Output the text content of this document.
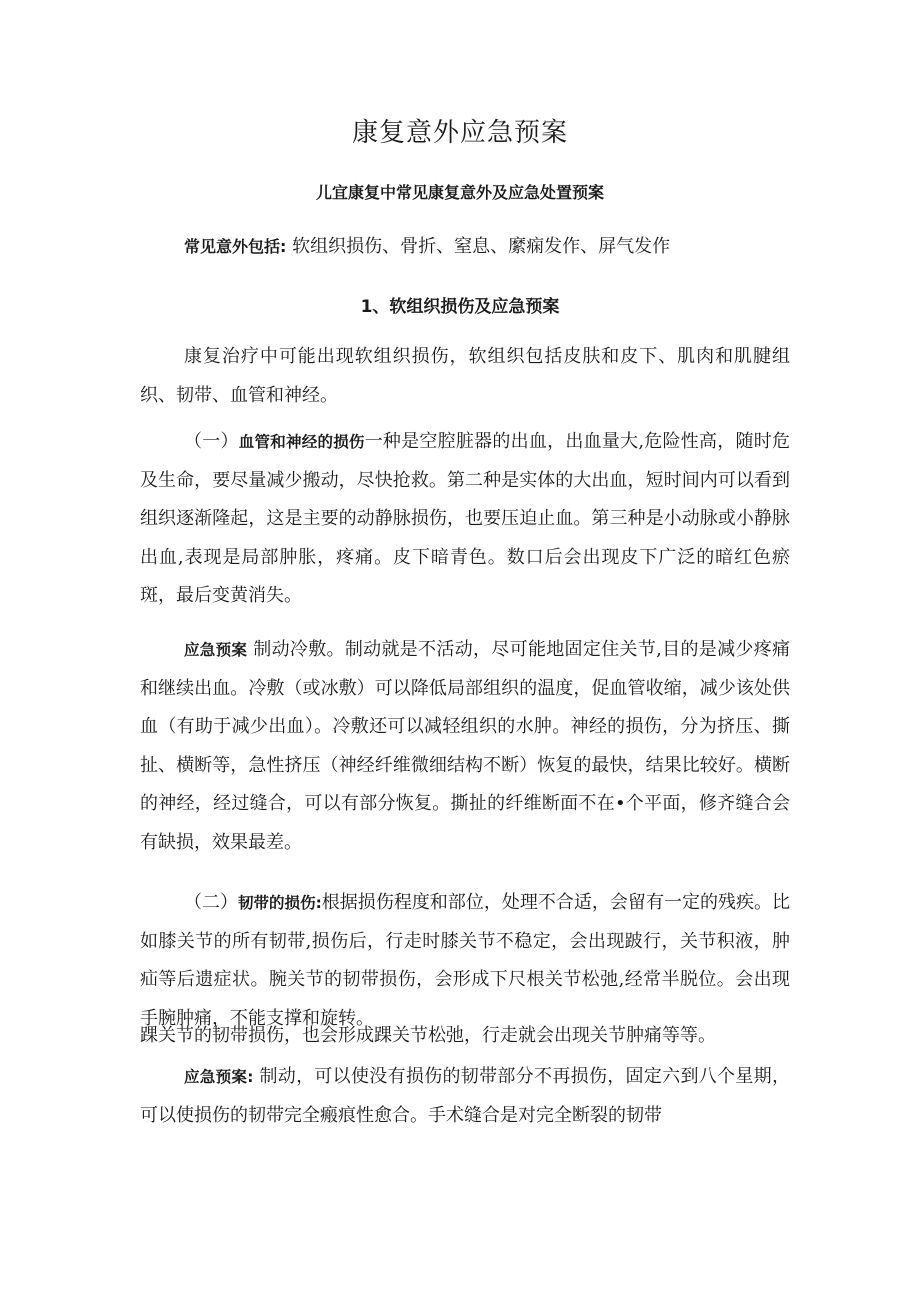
康复意外应急预案
儿宜康复中常见康复意外及应急处置预案
常见意外包括: 软组织损伤、骨折、窒息、縻痫发作、屏气发作
1、软组织损伤及应急预案

康复治疗中可能出现软组织损伤，软组织包括皮肤和皮下、肌肉和肌腱组织、韧带、血管和神经。

（一）血管和神经的损伤一种是空腔脏器的出血，出血量大,危险性高，随时危及生命，要尽量减少搬动，尽快抢救。第二种是实体的大出血，短时间内可以看到组织逐渐隆起，这是主要的动静脉损伤，也要压迫止血。第三种是小动脉或小静脉出血,表现是局部肿胀，疼痛。皮下暗青色。数口后会出现皮下广泛的暗红色瘀斑，最后变黄消失。

应急预案 制动冷敷。制动就是不活动，尽可能地固定住关节,目的是减少疼痛和继续出血。冷敷（或冰敷）可以降低局部组织的温度，促血管收缩，减少该处供血（有助于减少出血）。冷敷还可以减轻组织的水肿。神经的损伤，分为挤压、撕扯、横断等，急性挤压（神经纤维微细结构不断）恢复的最快，结果比较好。横断的神经，经过缝合，可以有部分恢复。撕扯的纤维断面不在•个平面，修齐缝合会有缺损，效果最差。

（二）韧带的损伤:根据损伤程度和部位，处理不合适，会留有一定的残疾。比如膝关节的所有韧带,损伤后，行走时膝关节不稳定，会出现跛行，关节积液，肿疝等后遗症状。腕关节的韧带损伤，会形成下尺根关节松弛,经常半脱位。会出现手腕肿痛，不能支撑和旋转。

踝关节的韧带损伤，也会形成踝关节松弛，行走就会出现关节肿痛等等。

应急预案: 制动，可以使没有损伤的韧带部分不再损伤，固定六到八个星期，可以使损伤的韧带完全瘢痕性愈合。手术缝合是对完全断裂的韧带
